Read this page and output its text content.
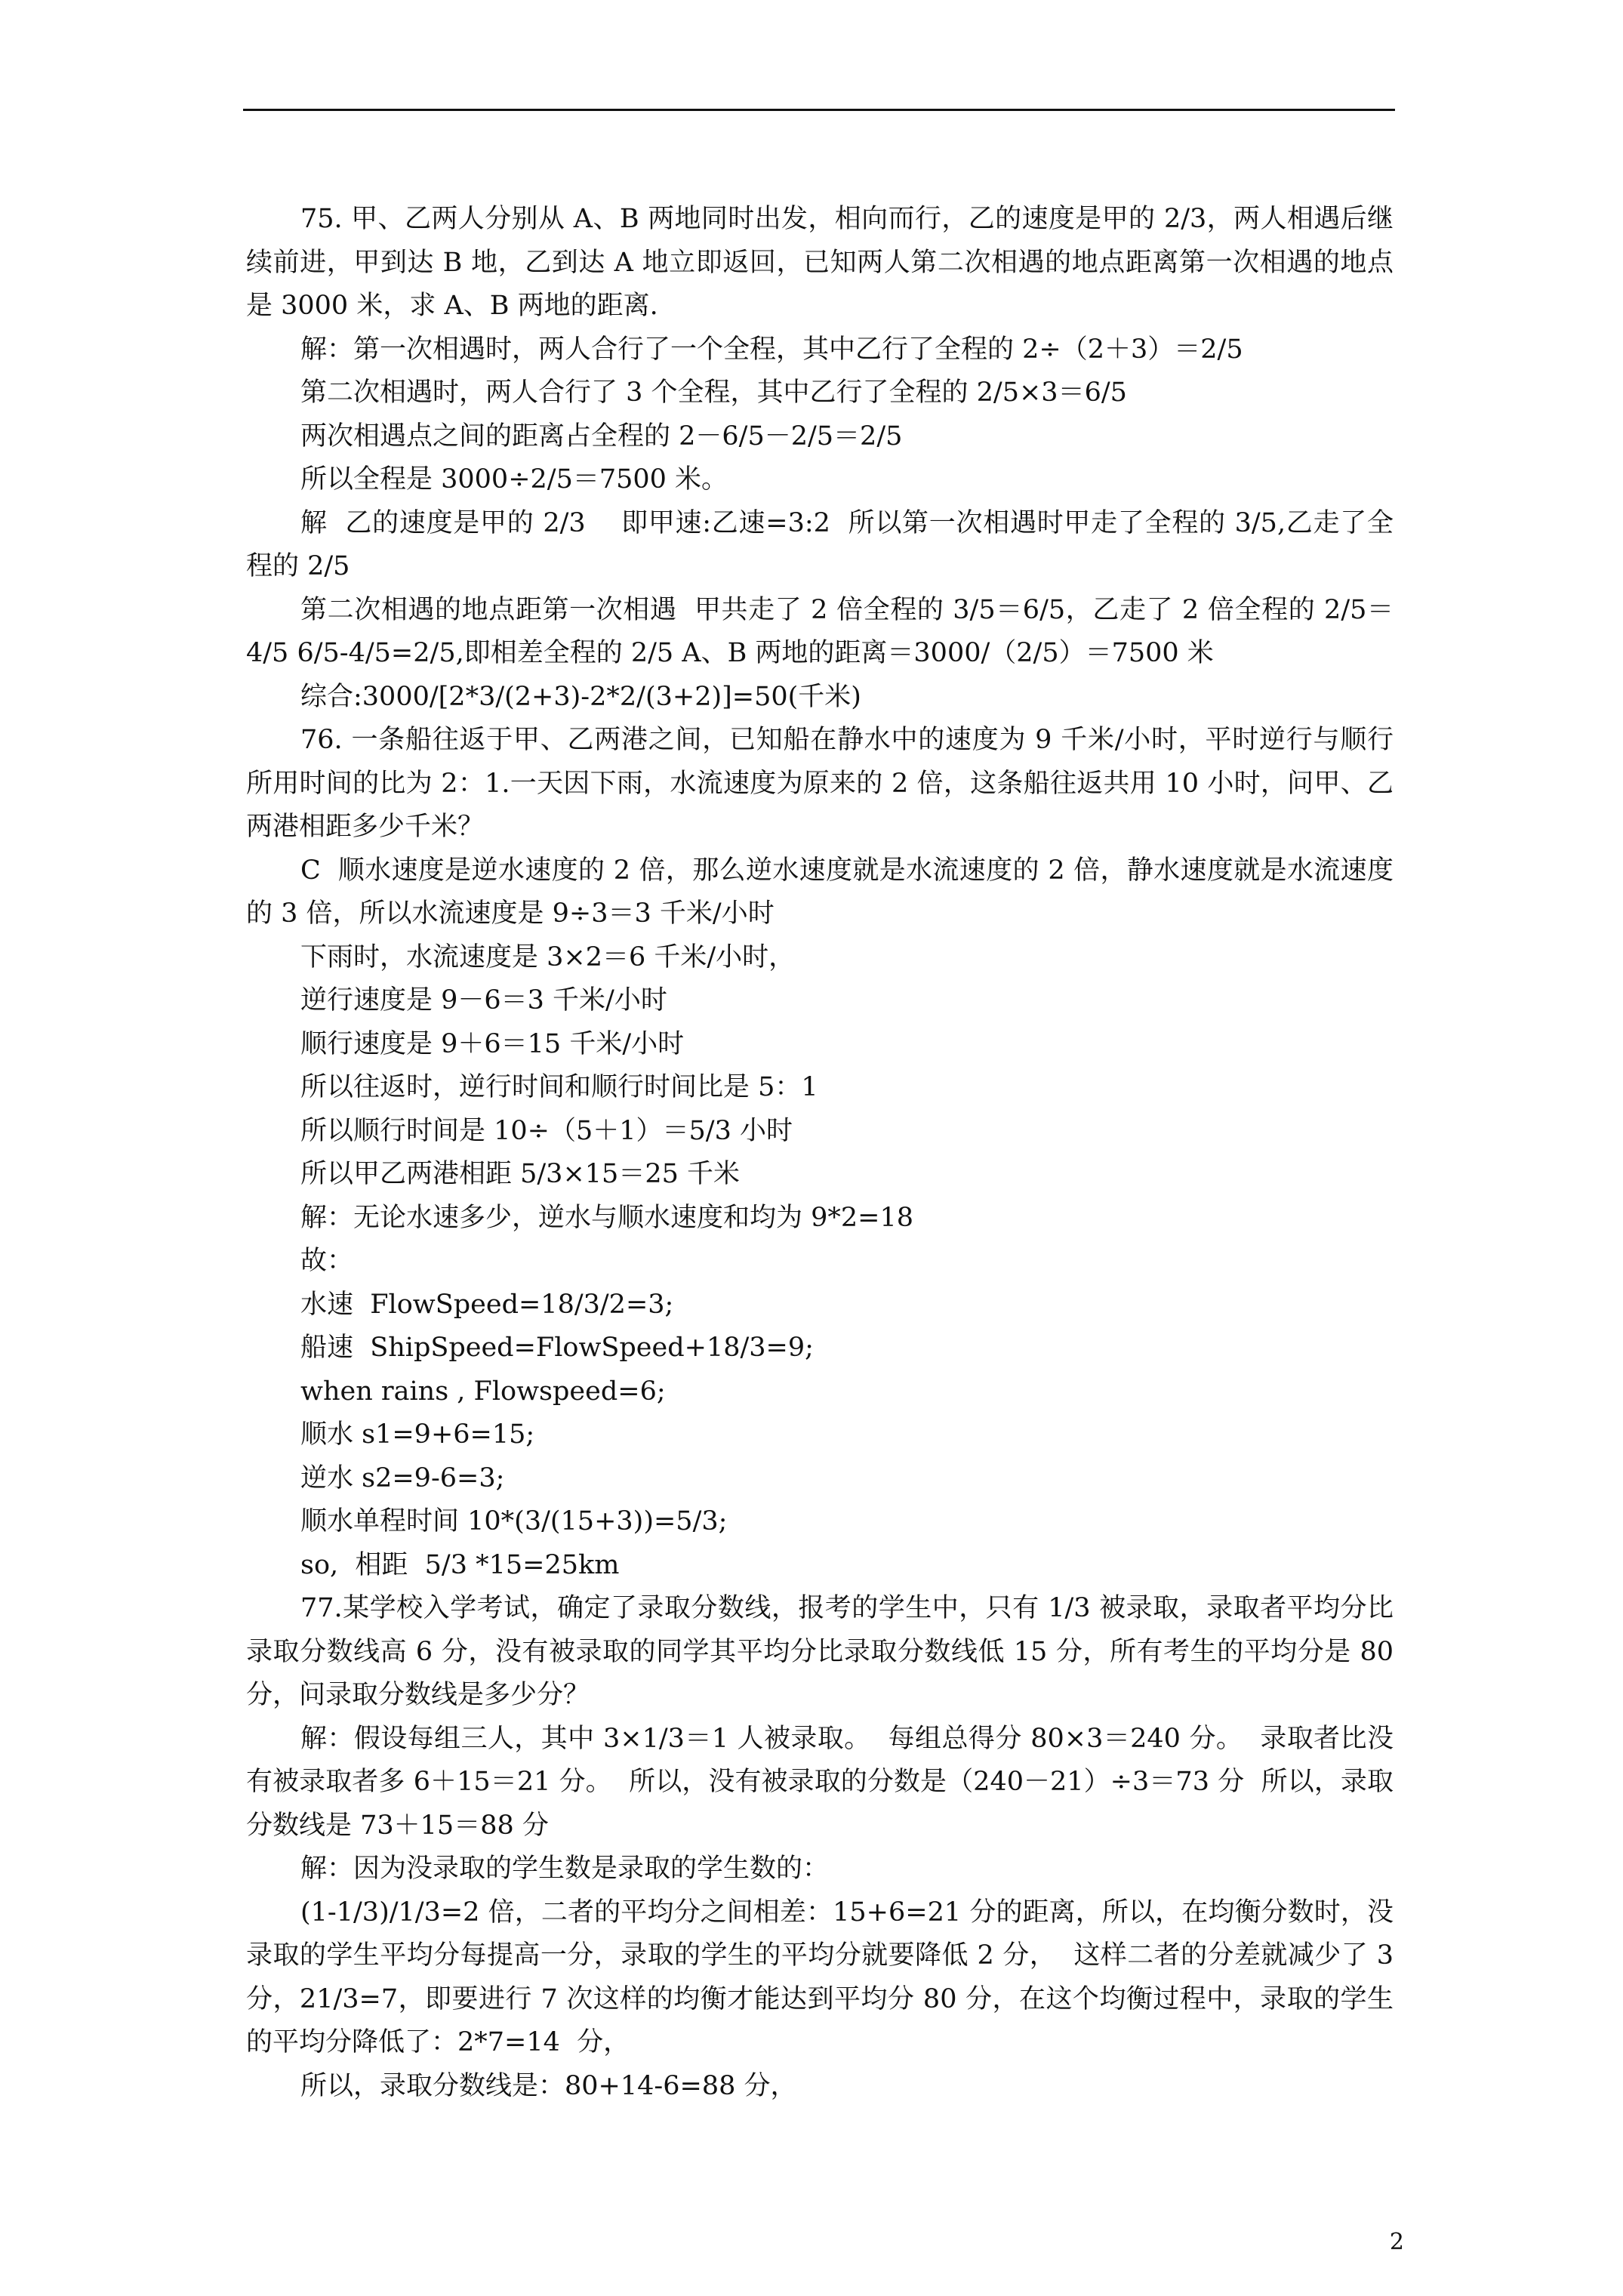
75. 甲、乙两人分别从 A、B 两地同时出发，相向而行，乙的速度是甲的 2/3，两人相遇后继续前进，甲到达 B 地，乙到达 A 地立即返回，已知两人第二次相遇的地点距离第一次相遇的地点是 3000 米，求 A、B 两地的距离.

解：第一次相遇时，两人合行了一个全程，其中乙行了全程的 2÷（2＋3）＝2/5

第二次相遇时，两人合行了 3 个全程，其中乙行了全程的 2/5×3＝6/5

两次相遇点之间的距离占全程的 2－6/5－2/5＝2/5

所以全程是 3000÷2/5＝7500 米。

解  乙的速度是甲的 2/3    即甲速:乙速=3:2  所以第一次相遇时甲走了全程的 3/5,乙走了全程的 2/5

第二次相遇的地点距第一次相遇  甲共走了 2 倍全程的 3/5＝6/5，乙走了 2 倍全程的 2/5＝4/5 6/5-4/5=2/5,即相差全程的 2/5 A、B 两地的距离＝3000/（2/5）＝7500 米

综合:3000/[2*3/(2+3)-2*2/(3+2)]=50(千米)

76. 一条船往返于甲、乙两港之间，已知船在静水中的速度为 9 千米/小时，平时逆行与顺行所用时间的比为 2：1.一天因下雨，水流速度为原来的 2 倍，这条船往返共用 10 小时，问甲、乙两港相距多少千米？

C  顺水速度是逆水速度的 2 倍，那么逆水速度就是水流速度的 2 倍，静水速度就是水流速度的 3 倍，所以水流速度是 9÷3＝3 千米/小时

下雨时，水流速度是 3×2＝6 千米/小时，

逆行速度是 9－6＝3 千米/小时

顺行速度是 9＋6＝15 千米/小时

所以往返时，逆行时间和顺行时间比是 5：1

所以顺行时间是 10÷（5＋1）＝5/3 小时

所以甲乙两港相距 5/3×15＝25 千米

解：无论水速多少，逆水与顺水速度和均为 9*2=18

故：

水速  FlowSpeed=18/3/2=3;

船速  ShipSpeed=FlowSpeed+18/3=9;

when rains , Flowspeed=6;

顺水 s1=9+6=15;

逆水 s2=9-6=3;

顺水单程时间 10*(3/(15+3))=5/3;

so,  相距  5/3 *15=25km

77.某学校入学考试，确定了录取分数线，报考的学生中，只有 1/3 被录取，录取者平均分比录取分数线高 6 分，没有被录取的同学其平均分比录取分数线低 15 分，所有考生的平均分是 80 分，问录取分数线是多少分？

解：假设每组三人，其中 3×1/3＝1 人被录取。  每组总得分 80×3＝240 分。  录取者比没有被录取者多 6＋15＝21 分。  所以，没有被录取的分数是（240－21）÷3＝73 分  所以，录取分数线是 73＋15＝88 分

解：因为没录取的学生数是录取的学生数的：

(1-1/3)/1/3=2 倍，二者的平均分之间相差：15+6=21 分的距离，所以，在均衡分数时，没录取的学生平均分每提高一分，录取的学生的平均分就要降低 2 分，  这样二者的分差就减少了 3 分，21/3=7，即要进行 7 次这样的均衡才能达到平均分 80 分，在这个均衡过程中，录取的学生的平均分降低了：2*7=14  分，

所以，录取分数线是：80+14-6=88 分，

2
